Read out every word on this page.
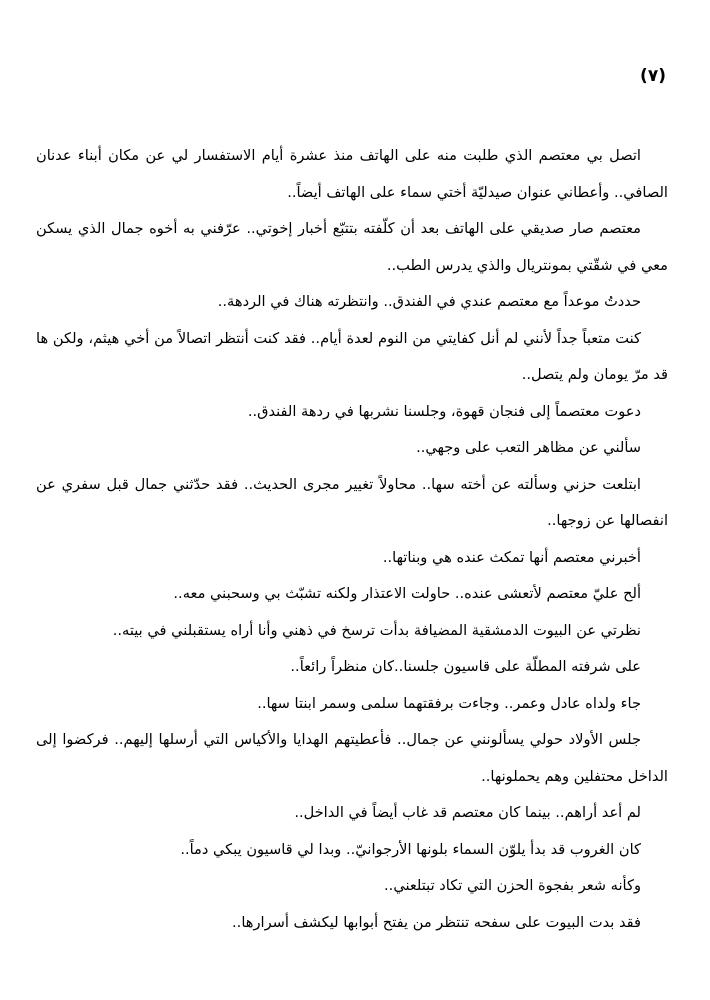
(٧)

اتصل بي معتصم الذي طلبت منه على الهاتف منذ عشرة أيام الاستفسار لي عن مكان أبناء عدنان الصافي.. وأعطاني عنوان صيدليّة أختي سماء على الهاتف أيضاً..

معتصم صار صديقي على الهاتف بعد أن كلّفته بتتبّع أخبار إخوتي.. عرّفني به أخوه جمال الذي يسكن معي في شقّتي بمونتريال والذي يدرس الطب..

حددتُ موعداً مع معتصم عندي في الفندق.. وانتظرته هناك في الردهة..

كنت متعباً جداً لأنني لم أنل كفايتي من النوم لعدة أيام.. فقد كنت أنتظر اتصالاً من أخي هيثم، ولكن ها قد مرّ يومان ولم يتصل..

دعوت معتصماً إلى فنجان قهوة، وجلسنا نشربها في ردهة الفندق..

سألني عن مظاهر التعب على وجهي..

ابتلعت حزني وسألته عن أخته سها.. محاولاً تغيير مجرى الحديث.. فقد حدّثني جمال قبل سفري عن انفصالها عن زوجها..

أخبرني معتصم أنها تمكث عنده هي وبناتها..

ألح عليّ معتصم لأتعشى عنده.. حاولت الاعتذار ولكنه تشبّث بي وسحبني معه..

نظرتي عن البيوت الدمشقية المضيافة بدأت ترسخ في ذهني وأنا أراه يستقبلني في بيته..

على شرفته المطلّة على قاسيون جلسنا..كان منظراً رائعاً..

جاء ولداه عادل وعمر.. وجاءت برفقتهما سلمى وسمر ابنتا سها..

جلس الأولاد حولي يسألونني عن جمال.. فأعطيتهم الهدايا والأكياس التي أرسلها إليهم.. فركضوا إلى الداخل محتفلين وهم يحملونها..

لم أعد أراهم.. بينما كان معتصم قد غاب أيضاً في الداخل..

كان الغروب قد بدأ يلوّن السماء بلونها الأرجوانيّ.. وبدا لي قاسيون يبكي دماً..

وكأنه شعر بفجوة الحزن التي تكاد تبتلعني..

فقد بدت البيوت على سفحه تنتظر من يفتح أبوابها ليكشف أسرارها..
